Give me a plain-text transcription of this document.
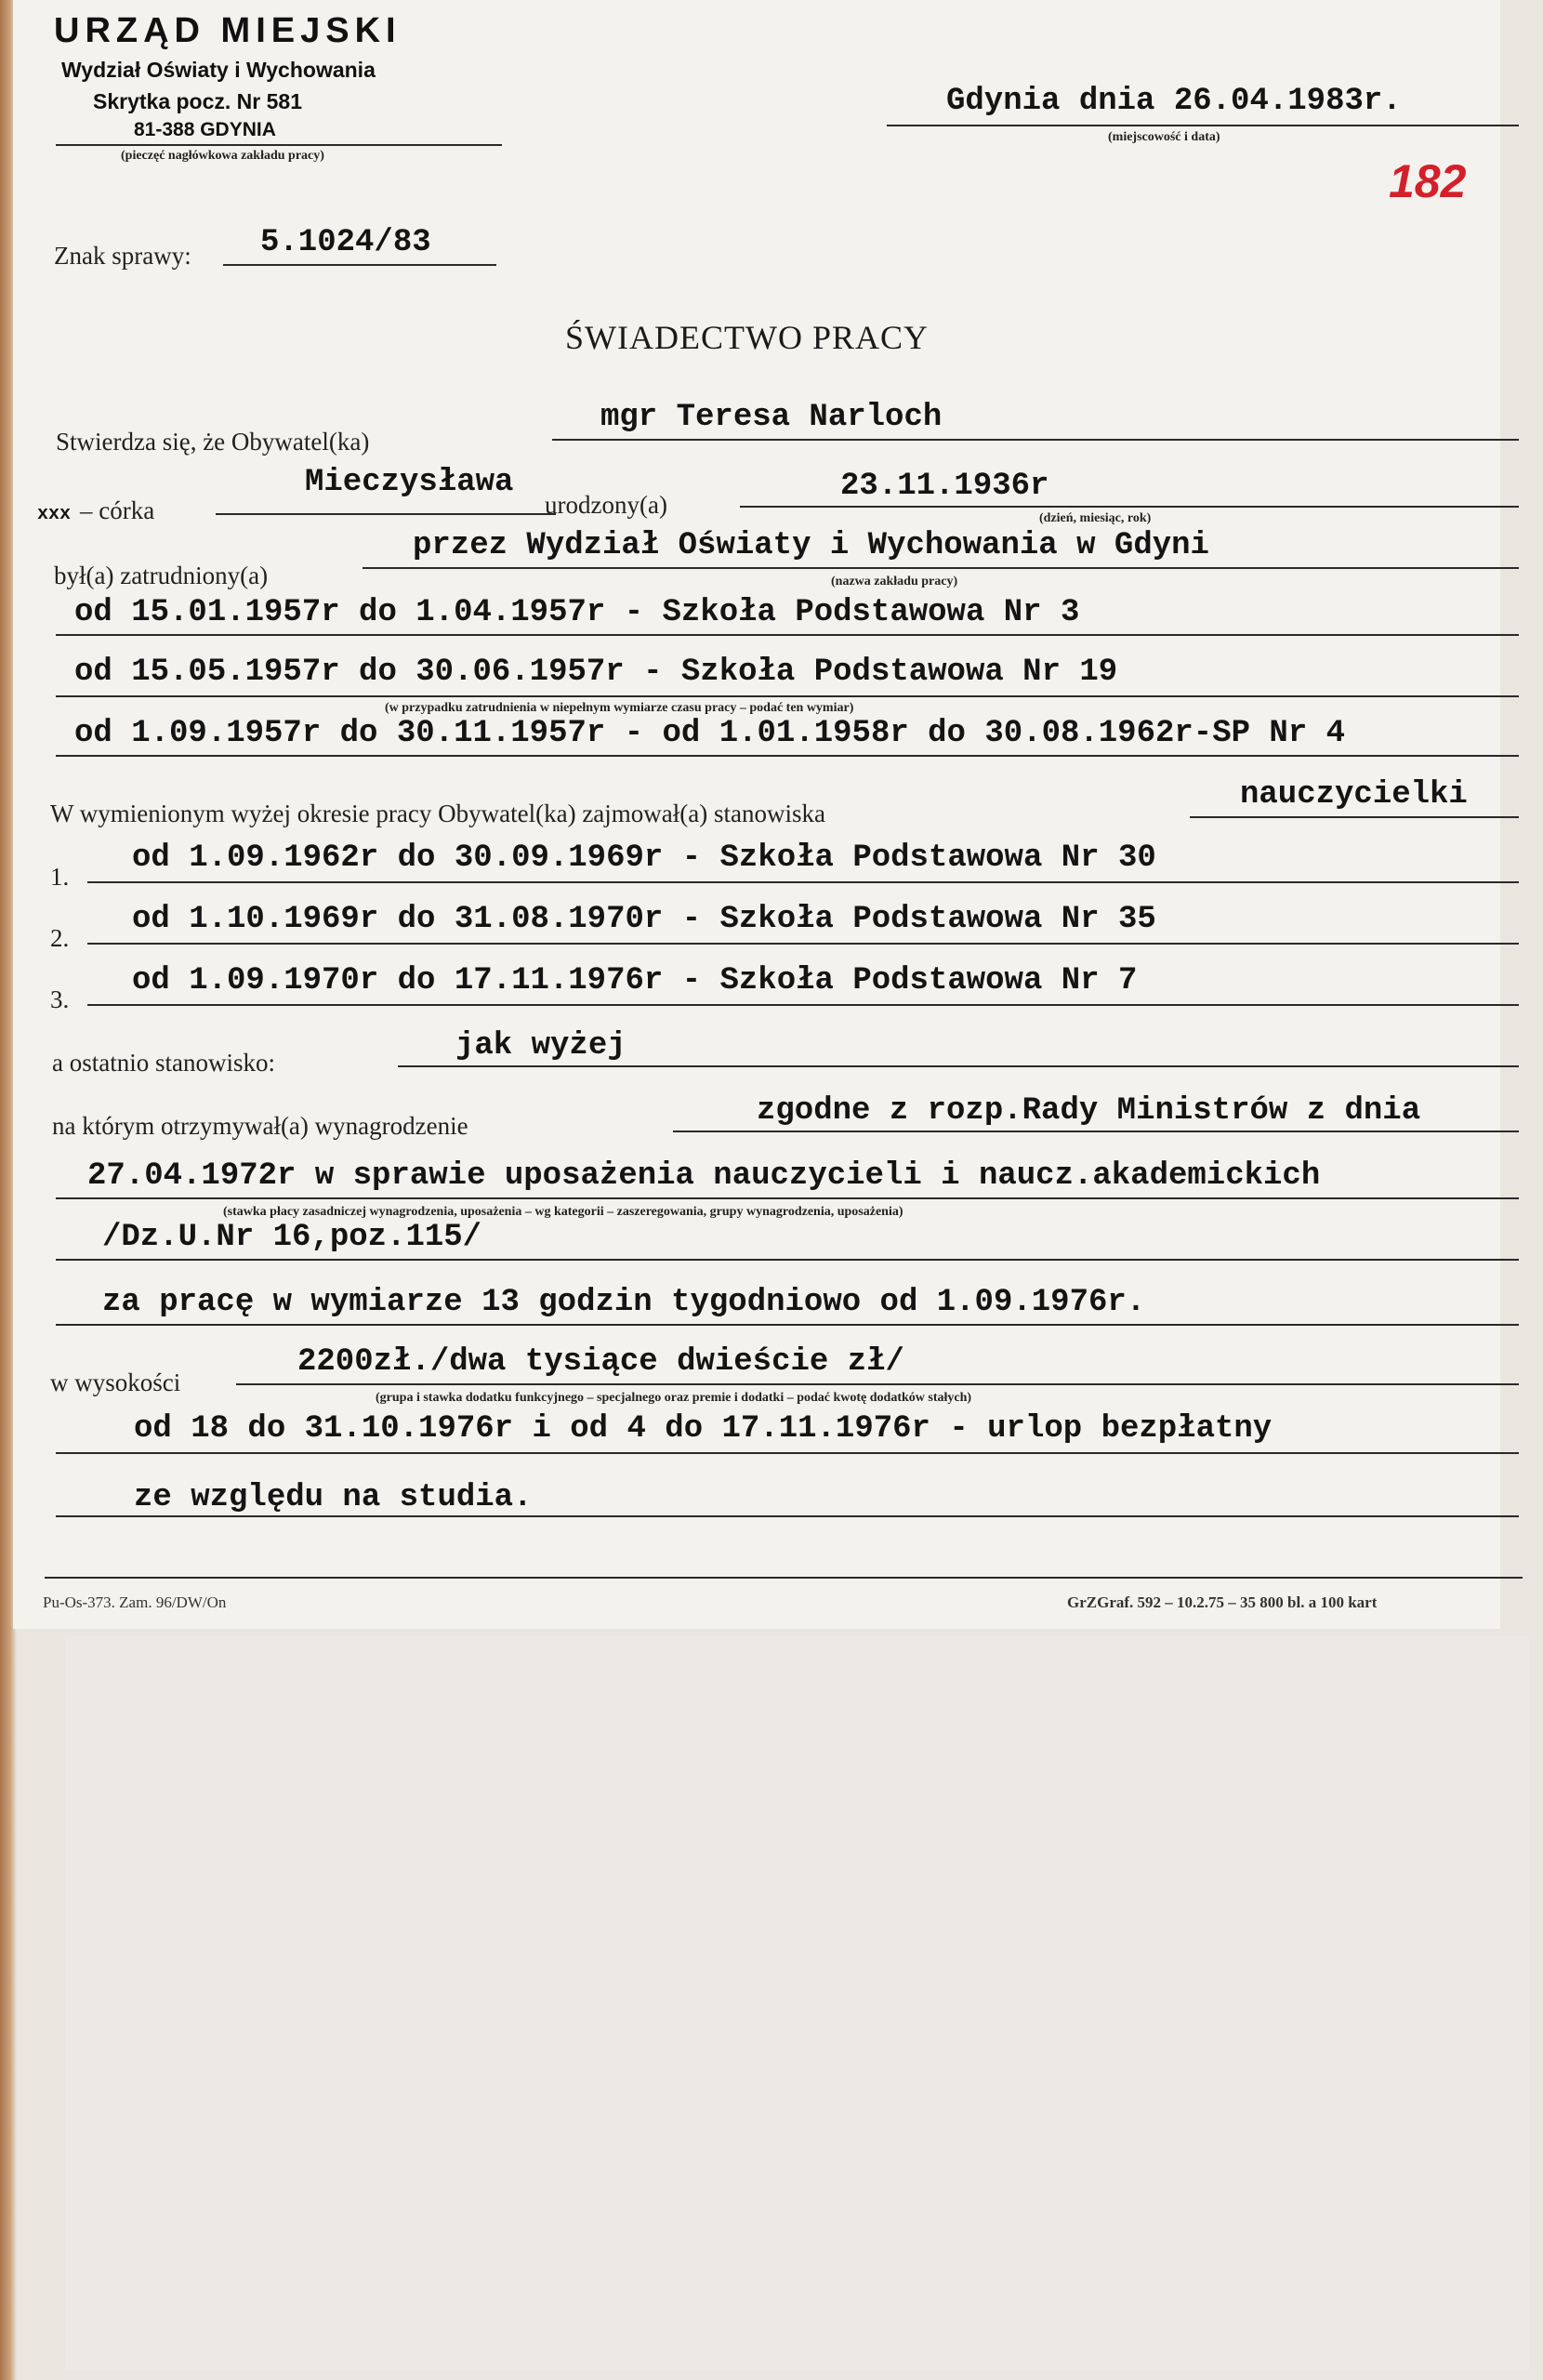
URZĄD MIEJSKI
Wydział Oświaty i Wychowania
Skrytka pocz. Nr 581
81-388 GDYNIA
(pieczęć nagłówkowa zakładu pracy)
Gdynia dnia 26.04.1983r.
(miejscowość i data)
182
Znak sprawy: 5.1024/83
ŚWIADECTWO PRACY
Stwierdza się, że Obywatel(ka)
mgr Teresa Narloch
xxx – córka
Mieczysława
urodzony(a)
23.11.1936r
(dzień, miesiąc, rok)
był(a) zatrudniony(a)
przez Wydział Oświaty i Wychowania w Gdyni
(nazwa zakładu pracy)
od 15.01.1957r do 1.04.1957r - Szkoła Podstawowa Nr 3
od 15.05.1957r do 30.06.1957r - Szkoła Podstawowa Nr 19
(w przypadku zatrudnienia w niepełnym wymiarze czasu pracy – podać ten wymiar)
od 1.09.1957r do 30.11.1957r - od 1.01.1958r do 30.08.1962r-SP Nr 4
W wymienionym wyżej okresie pracy Obywatel(ka) zajmował(a) stanowiska
nauczycielki
1.
od 1.09.1962r do 30.09.1969r - Szkoła Podstawowa Nr 30
2.
od 1.10.1969r do 31.08.1970r - Szkoła Podstawowa Nr 35
3.
od 1.09.1970r do 17.11.1976r - Szkoła Podstawowa Nr 7
a ostatnio stanowisko:	jak wyżej
na którym otrzymywał(a) wynagrodzenie	zgodne z rozp.Rady Ministrów z dnia
27.04.1972r w sprawie uposażenia nauczycieli i naucz.akademickich
(stawka płacy zasadniczej wynagrodzenia, uposażenia – wg kategorii – zaszeregowania, grupy wynagrodzenia, uposażenia)
/Dz.U.Nr 16,poz.115/
za pracę w wymiarze 13 godzin tygodniowo od 1.09.1976r.
w wysokości
2200zł./dwa tysiące dwieście zł/
(grupa i stawka dodatku funkcyjnego – specjalnego oraz premie i dodatki – podać kwotę dodatków stałych)
od 18 do 31.10.1976r i od 4 do 17.11.1976r - urlop bezpłatny
ze względu na studia.
Pu-Os-373. Zam. 96/DW/On	GrZGraf. 592 – 10.2.75 – 35 800 bl. a 100 kart
